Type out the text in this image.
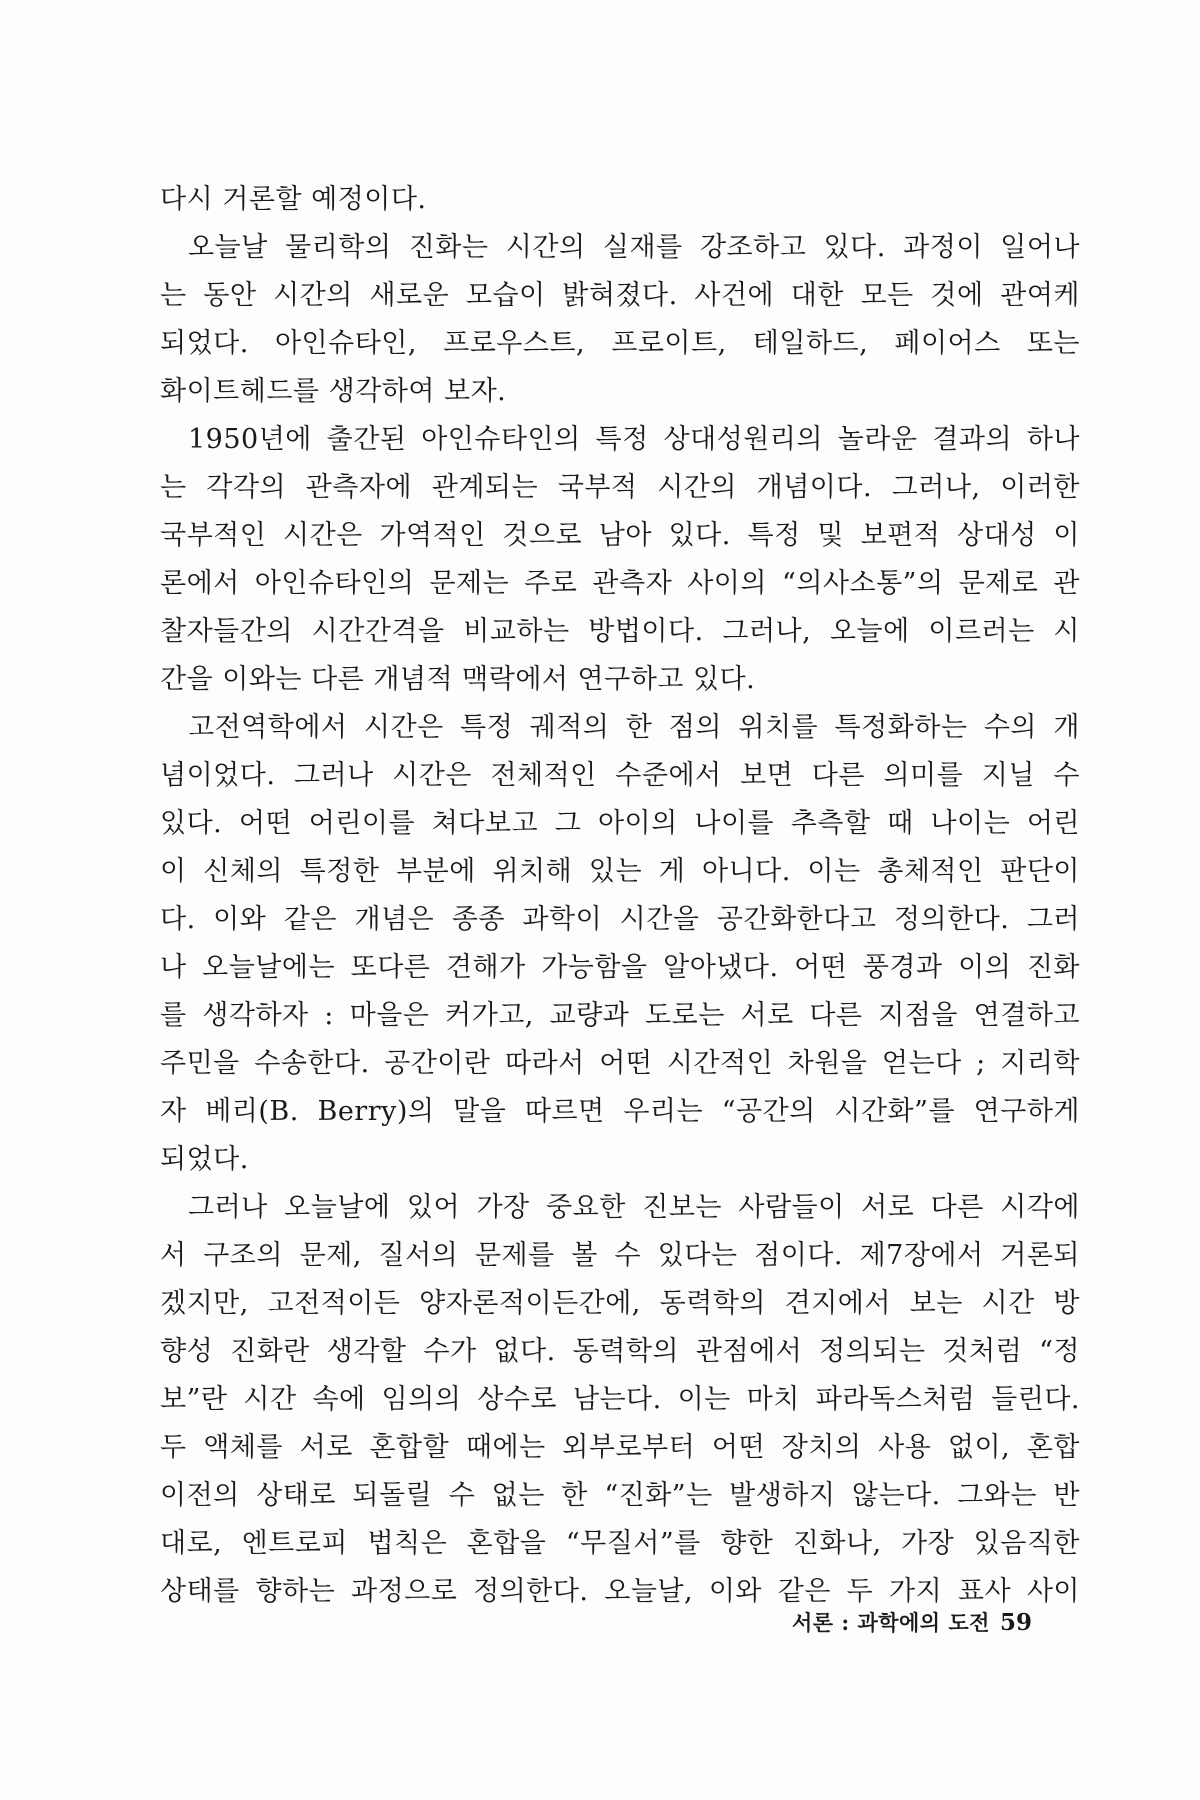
다시 거론할 예정이다.
오늘날 물리학의 진화는 시간의 실재를 강조하고 있다. 과정이 일어나
는 동안 시간의 새로운 모습이 밝혀졌다. 사건에 대한 모든 것에 관여케
되었다. 아인슈타인, 프로우스트, 프로이트, 테일하드, 페이어스 또는
화이트헤드를 생각하여 보자.
1950년에 출간된 아인슈타인의 특정 상대성원리의 놀라운 결과의 하나
는 각각의 관측자에 관계되는 국부적 시간의 개념이다. 그러나, 이러한
국부적인 시간은 가역적인 것으로 남아 있다. 특정 및 보편적 상대성 이
론에서 아인슈타인의 문제는 주로 관측자 사이의 “의사소통”의 문제로 관
찰자들간의 시간간격을 비교하는 방법이다. 그러나, 오늘에 이르러는 시
간을 이와는 다른 개념적 맥락에서 연구하고 있다.
고전역학에서 시간은 특정 궤적의 한 점의 위치를 특정화하는 수의 개
념이었다. 그러나 시간은 전체적인 수준에서 보면 다른 의미를 지닐 수
있다. 어떤 어린이를 쳐다보고 그 아이의 나이를 추측할 때 나이는 어린
이 신체의 특정한 부분에 위치해 있는 게 아니다. 이는 총체적인 판단이
다. 이와 같은 개념은 종종 과학이 시간을 공간화한다고 정의한다. 그러
나 오늘날에는 또다른 견해가 가능함을 알아냈다. 어떤 풍경과 이의 진화
를 생각하자 : 마을은 커가고, 교량과 도로는 서로 다른 지점을 연결하고
주민을 수송한다. 공간이란 따라서 어떤 시간적인 차원을 얻는다 ; 지리학
자 베리(B. Berry)의 말을 따르면 우리는 “공간의 시간화”를 연구하게
되었다.
그러나 오늘날에 있어 가장 중요한 진보는 사람들이 서로 다른 시각에
서 구조의 문제, 질서의 문제를 볼 수 있다는 점이다. 제7장에서 거론되
겠지만, 고전적이든 양자론적이든간에, 동력학의 견지에서 보는 시간 방
향성 진화란 생각할 수가 없다. 동력학의 관점에서 정의되는 것처럼 “정
보”란 시간 속에 임의의 상수로 남는다. 이는 마치 파라독스처럼 들린다.
두 액체를 서로 혼합할 때에는 외부로부터 어떤 장치의 사용 없이, 혼합
이전의 상태로 되돌릴 수 없는 한 “진화”는 발생하지 않는다. 그와는 반
대로, 엔트로피 법칙은 혼합을 “무질서”를 향한 진화나, 가장 있음직한
상태를 향하는 과정으로 정의한다. 오늘날, 이와 같은 두 가지 표사 사이
서론 : 과학에의 도전 59
